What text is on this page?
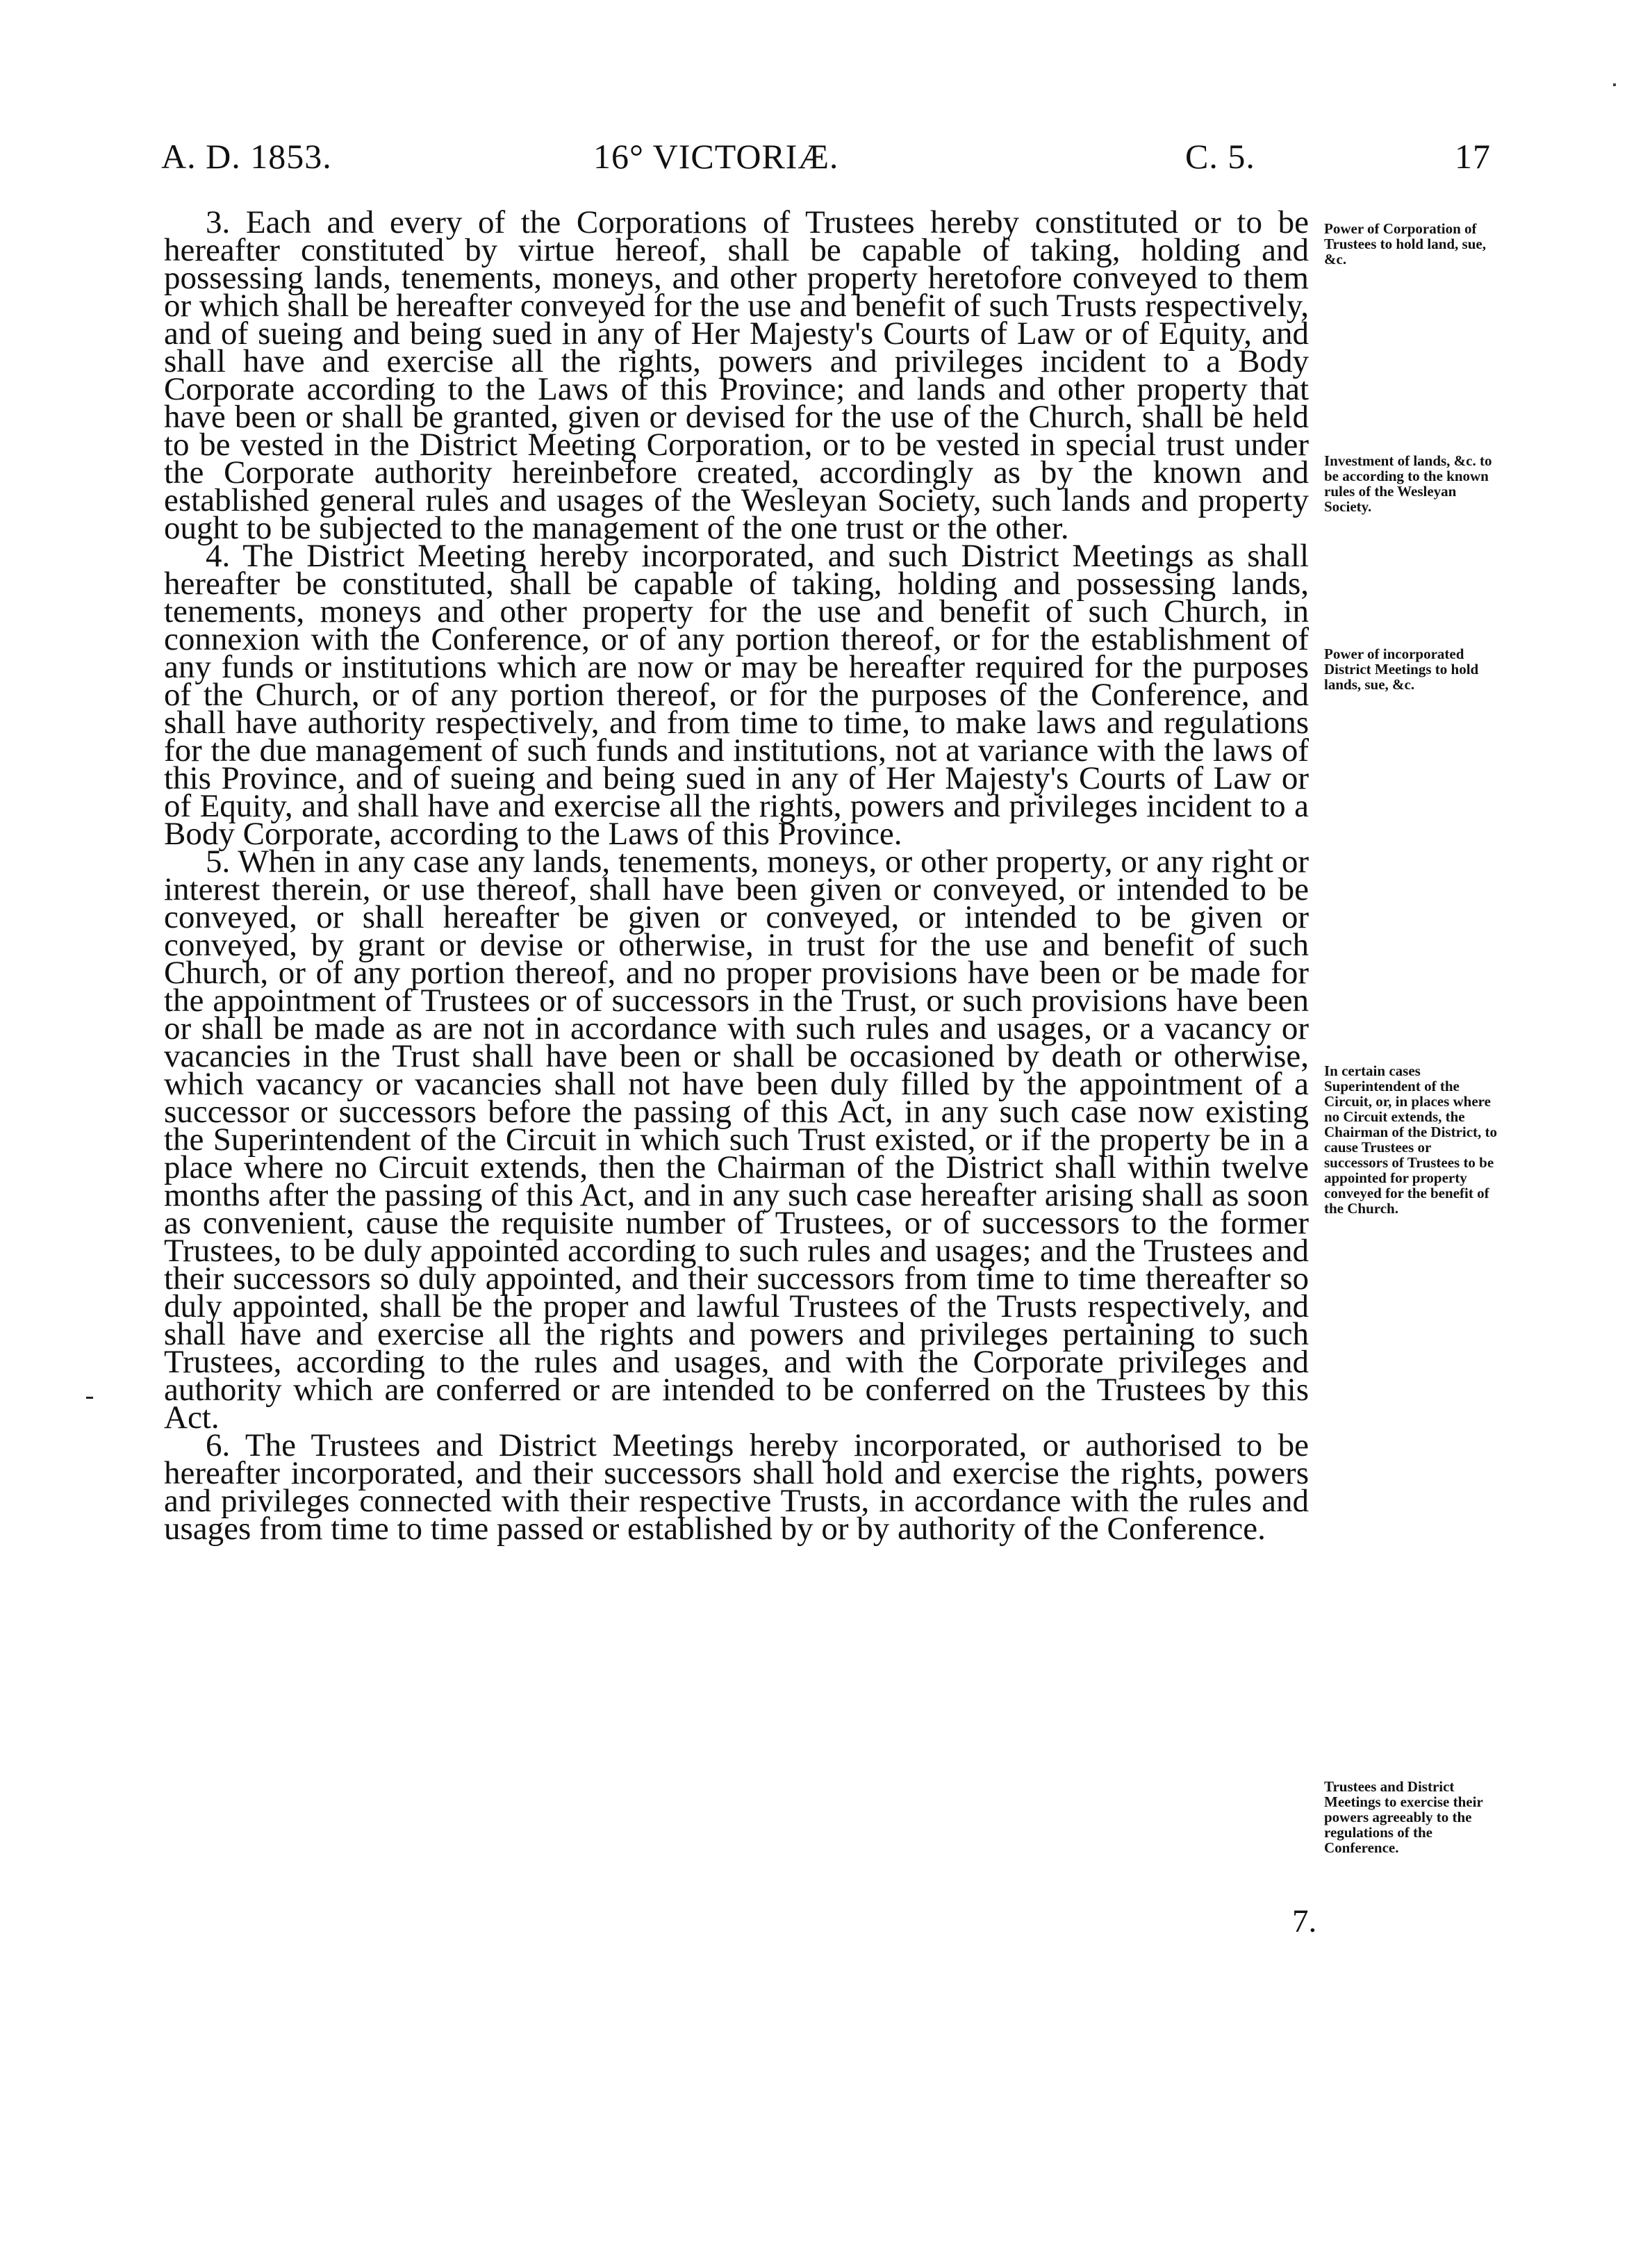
A. D. 1853.	16° VICTORIÆ.	C. 5.	17

3. Each and every of the Corporations of Trustees hereby constituted or to be hereafter constituted by virtue hereof, shall be capable of taking, holding and possessing lands, tenements, moneys, and other property heretofore conveyed to them or which shall be hereafter conveyed for the use and benefit of such Trusts respectively, and of sueing and being sued in any of Her Majesty's Courts of Law or of Equity, and shall have and exercise all the rights, powers and privileges incident to a Body Corporate according to the Laws of this Province; and lands and other property that have been or shall be granted, given or devised for the use of the Church, shall be held to be vested in the District Meeting Corporation, or to be vested in special trust under the Corporate authority hereinbefore created, accordingly as by the known and established general rules and usages of the Wesleyan Society, such lands and property ought to be subjected to the management of the one trust or the other.

4. The District Meeting hereby incorporated, and such District Meetings as shall hereafter be constituted, shall be capable of taking, holding and possessing lands, tenements, moneys and other property for the use and benefit of such Church, in connexion with the Conference, or of any portion thereof, or for the establishment of any funds or institutions which are now or may be hereafter required for the purposes of the Church, or of any portion thereof, or for the purposes of the Conference, and shall have authority respectively, and from time to time, to make laws and regulations for the due management of such funds and institutions, not at variance with the laws of this Province, and of sueing and being sued in any of Her Majesty's Courts of Law or of Equity, and shall have and exercise all the rights, powers and privileges incident to a Body Corporate, according to the Laws of this Province.

5. When in any case any lands, tenements, moneys, or other property, or any right or interest therein, or use thereof, shall have been given or conveyed, or intended to be conveyed, or shall hereafter be given or conveyed, or intended to be given or conveyed, by grant or devise or otherwise, in trust for the use and benefit of such Church, or of any portion thereof, and no proper provisions have been or be made for the appointment of Trustees or of successors in the Trust, or such provisions have been or shall be made as are not in accordance with such rules and usages, or a vacancy or vacancies in the Trust shall have been or shall be occasioned by death or otherwise, which vacancy or vacancies shall not have been duly filled by the appointment of a successor or successors before the passing of this Act, in any such case now existing the Superintendent of the Circuit in which such Trust existed, or if the property be in a place where no Circuit extends, then the Chairman of the District shall within twelve months after the passing of this Act, and in any such case hereafter arising shall as soon as convenient, cause the requisite number of Trustees, or of successors to the former Trustees, to be duly appointed according to such rules and usages; and the Trustees and their successors so duly appointed, and their successors from time to time thereafter so duly appointed, shall be the proper and lawful Trustees of the Trusts respectively, and shall have and exercise all the rights and powers and privileges pertaining to such Trustees, according to the rules and usages, and with the Corporate privileges and authority which are conferred or are intended to be conferred on the Trustees by this Act.

6. The Trustees and District Meetings hereby incorporated, or authorised to be hereafter incorporated, and their successors shall hold and exercise the rights, powers and privileges connected with their respective Trusts, in accordance with the rules and usages from time to time passed or established by or by authority of the Conference.

Power of Corporation of Trustees to hold land, sue, &c.
Investment of lands, &c. to be according to the known rules of the Wesleyan Society.
Power of incorporated District Meetings to hold lands, sue, &c.
In certain cases Superintendent of the Circuit, or, in places where no Circuit extends, the Chairman of the District, to cause Trustees or successors of Trustees to be appointed for property conveyed for the benefit of the Church.
Trustees and District Meetings to exercise their powers agreeably to the regulations of the Conference.
7.
